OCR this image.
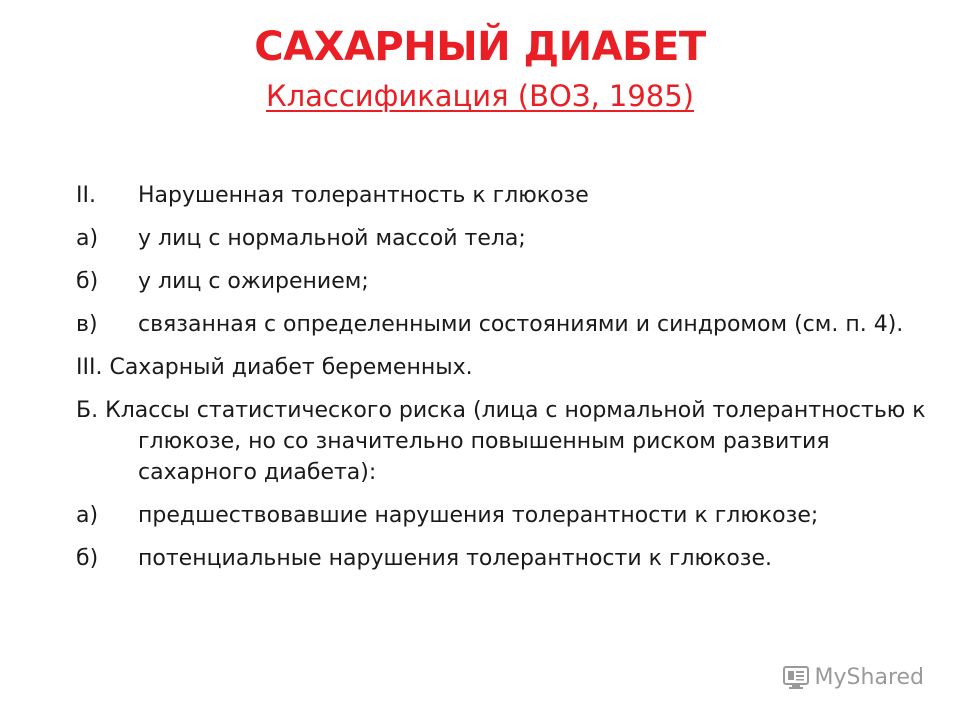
САХАРНЫЙ ДИАБЕТ
Классификация (ВОЗ, 1985)
II.	Нарушенная толерантность к глюкозе
а)	у лиц с нормальной массой тела;
б)	у лиц с ожирением;
в)	связанная с определенными состояниями и синдромом (см. п. 4).
III. Сахарный диабет беременных.
Б. Классы статистического риска (лица с нормальной толерантностью к глюкозе, но со значительно повышенным риском развития сахарного диабета):
а)	предшествовавшие нарушения толерантности к глюкозе;
б)	потенциальные нарушения толерантности к глюкозе.
MyShared
